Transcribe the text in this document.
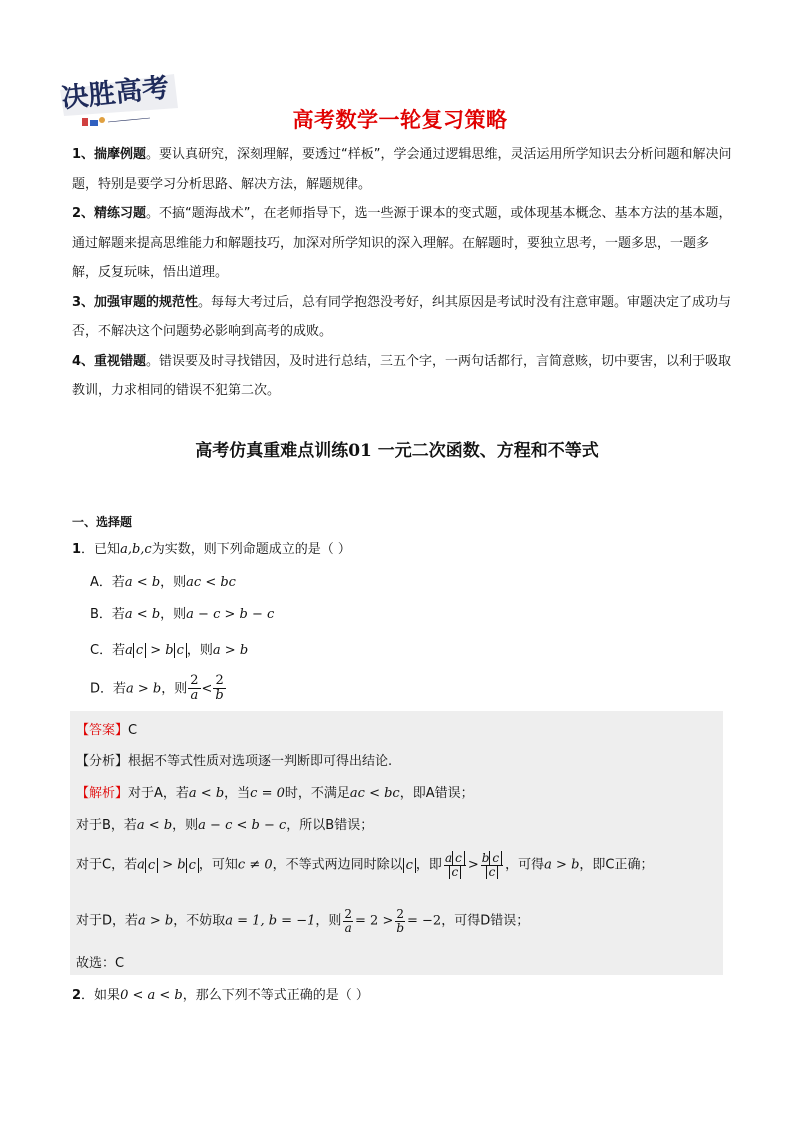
决胜高考
高考数学一轮复习策略

1、揣摩例题。要认真研究，深刻理解，要透过“样板”，学会通过逻辑思维，灵活运用所学知识去分析问题和解决问题，特别是要学习分析思路、解决方法，解题规律。

2、精练习题。不搞“题海战术”，在老师指导下，选一些源于课本的变式题，或体现基本概念、基本方法的基本题，通过解题来提高思维能力和解题技巧，加深对所学知识的深入理解。在解题时，要独立思考，一题多思，一题多解，反复玩味，悟出道理。

3、加强审题的规范性。每每大考过后，总有同学抱怨没考好，纠其原因是考试时没有注意审题。审题决定了成功与否，不解决这个问题势必影响到高考的成败。

4、重视错题。错误要及时寻找错因，及时进行总结，三五个字，一两句话都行，言简意赅，切中要害，以利于吸取教训，力求相同的错误不犯第二次。

高考仿真重难点训练01 一元二次函数、方程和不等式
一、选择题
1．已知a,b,c为实数，则下列命题成立的是（ ）
A．若a < b，则ac < bc
B．若a < b，则a − c > b − c
C．若a c > b c ，则a > b
D．若a > b，则 $\frac{2}{a} < \frac{2}{b}$
【答案】C
【分析】根据不等式性质对选项逐一判断即可得出结论.
【解析】对于A，若a < b，当c = 0时，不满足ac < bc，即A错误；
对于B，若a < b，则a − c < b − c，所以B错误；
对于C，若a c > b c ，可知c ≠ 0，不等式两边同时除以 c ，即 $\frac{\text{a c}}{c} > \frac{\text{b c}}{c}$ ，可得a > b，即C正确；
对于D，若a > b，不妨取a = 1, b = −1，则 $\frac{2}{a} = 2 > \frac{2}{b} = -2$，可得D错误；
故选：C
2．如果0 < a < b，那么下列不等式正确的是（ ）
